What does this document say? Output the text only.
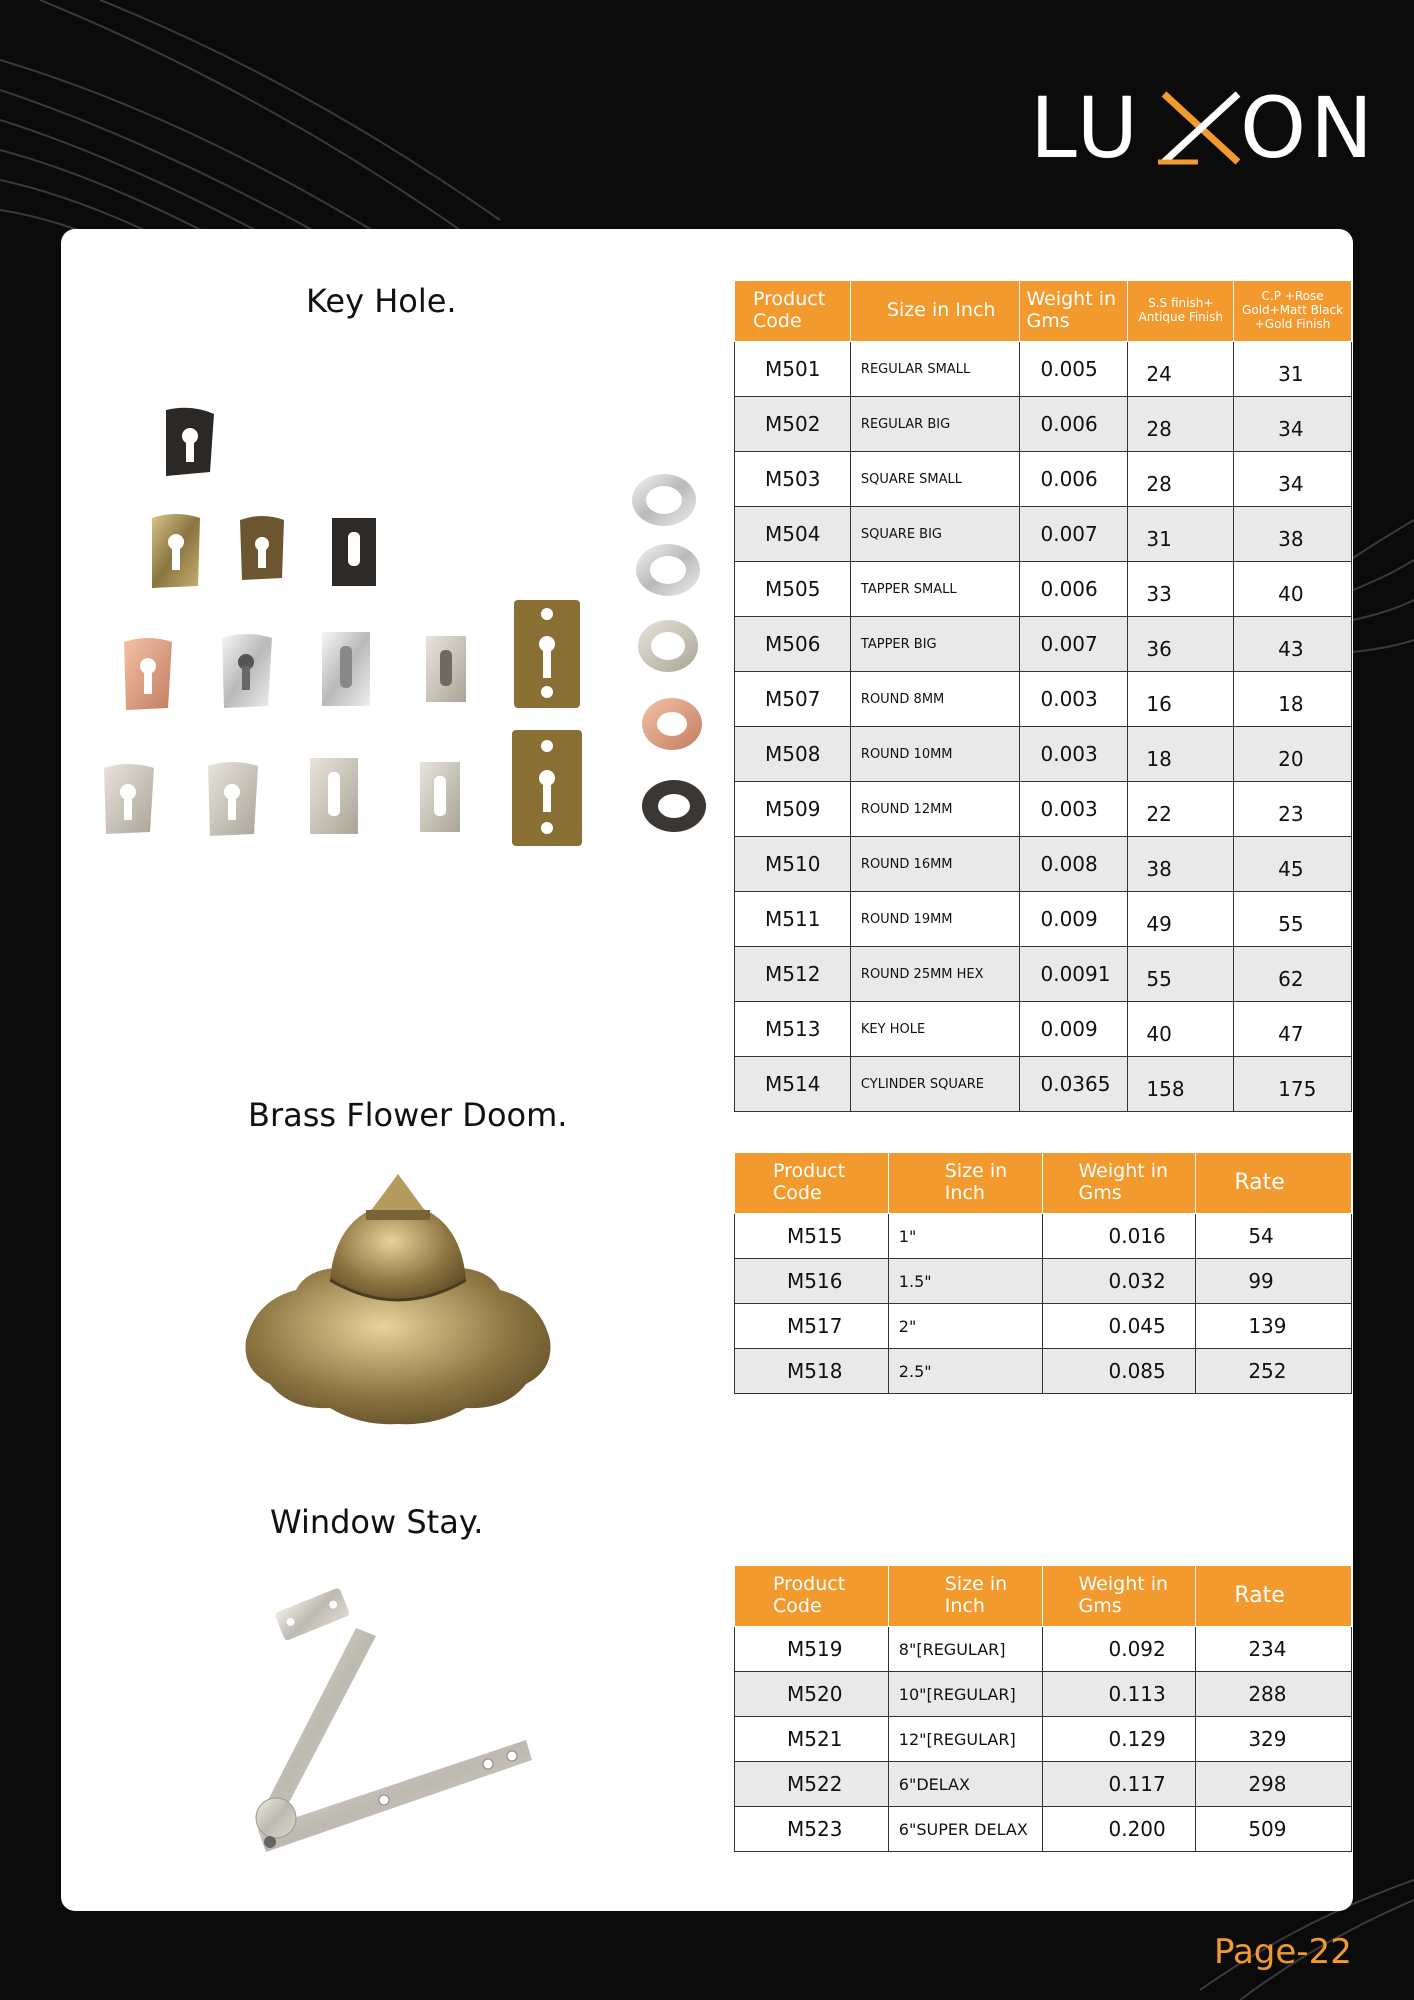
LU ON
Key Hole.
Brass Flower Doom.
Window Stay.
Product Code	Size in Inch	Weight in Gms	S.S finish+ Antique Finish	C.P +Rose Gold+Matt Black +Gold Finish
M501	REGULAR SMALL	0.005	24	31
M502	REGULAR BIG	0.006	28	34
M503	SQUARE SMALL	0.006	28	34
M504	SQUARE BIG	0.007	31	38
M505	TAPPER SMALL	0.006	33	40
M506	TAPPER BIG	0.007	36	43
M507	ROUND 8MM	0.003	16	18
M508	ROUND 10MM	0.003	18	20
M509	ROUND 12MM	0.003	22	23
M510	ROUND 16MM	0.008	38	45
M511	ROUND 19MM	0.009	49	55
M512	ROUND 25MM HEX	0.0091	55	62
M513	KEY HOLE	0.009	40	47
M514	CYLINDER SQUARE	0.0365	158	175
Product Code	Size in Inch	Weight in Gms	Rate
M515	1"	0.016	54
M516	1.5"	0.032	99
M517	2"	0.045	139
M518	2.5"	0.085	252
Product Code	Size in Inch	Weight in Gms	Rate
M519	8"[REGULAR]	0.092	234
M520	10"[REGULAR]	0.113	288
M521	12"[REGULAR]	0.129	329
M522	6"DELAX	0.117	298
M523	6"SUPER DELAX	0.200	509
Page-22
